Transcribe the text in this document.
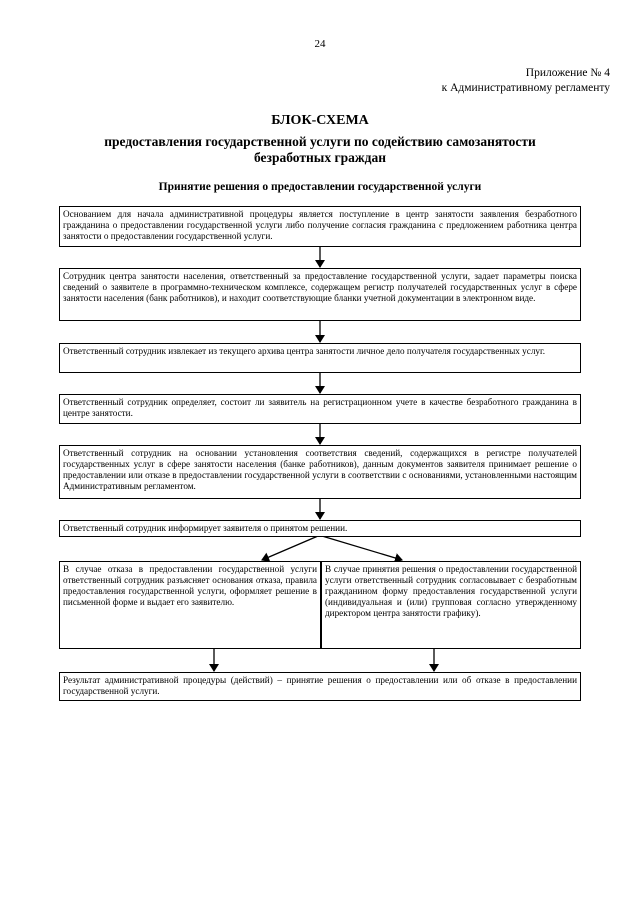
24
Приложение № 4
к Административному регламенту
БЛОК-СХЕМА
предоставления государственной услуги по содействию самозанятости безработных граждан
Принятие решения о предоставлении государственной услуги
Основанием для начала административной процедуры является поступление в центр занятости заявления безработного гражданина о предоставлении государственной услуги либо получение согласия гражданина с предложением работника центра занятости о предоставлении государственной услуги.
Сотрудник центра занятости населения, ответственный за предоставление государственной услуги, задает параметры поиска сведений о заявителе в программно-техническом комплексе, содержащем регистр получателей государственных услуг в сфере занятости населения (банк работников), и находит соответствующие бланки учетной документации в электронном виде.
Ответственный сотрудник извлекает из текущего архива центра занятости личное дело получателя государственных услуг.
Ответственный сотрудник определяет, состоит ли заявитель на регистрационном учете в качестве безработного гражданина в центре занятости.
Ответственный сотрудник на основании установления соответствия сведений, содержащихся в регистре получателей государственных услуг в сфере занятости населения (банке работников), данным документов заявителя принимает решение о предоставлении или отказе в предоставлении государственной услуги в соответствии с основаниями, установленными настоящим Административным регламентом.
Ответственный сотрудник информирует заявителя о принятом решении.
В случае отказа в предоставлении государственной услуги ответственный сотрудник разъясняет основания отказа, правила предоставления государственной услуги, оформляет решение в письменной форме и выдает его заявителю.
В случае принятия решения о предоставлении государственной услуги ответственный сотрудник согласовывает с безработным гражданином форму предоставления государственной услуги (индивидуальная и (или) групповая согласно утвержденному директором центра занятости графику).
Результат административной процедуры (действий) – принятие решения о предоставлении или об отказе в предоставлении государственной услуги.
